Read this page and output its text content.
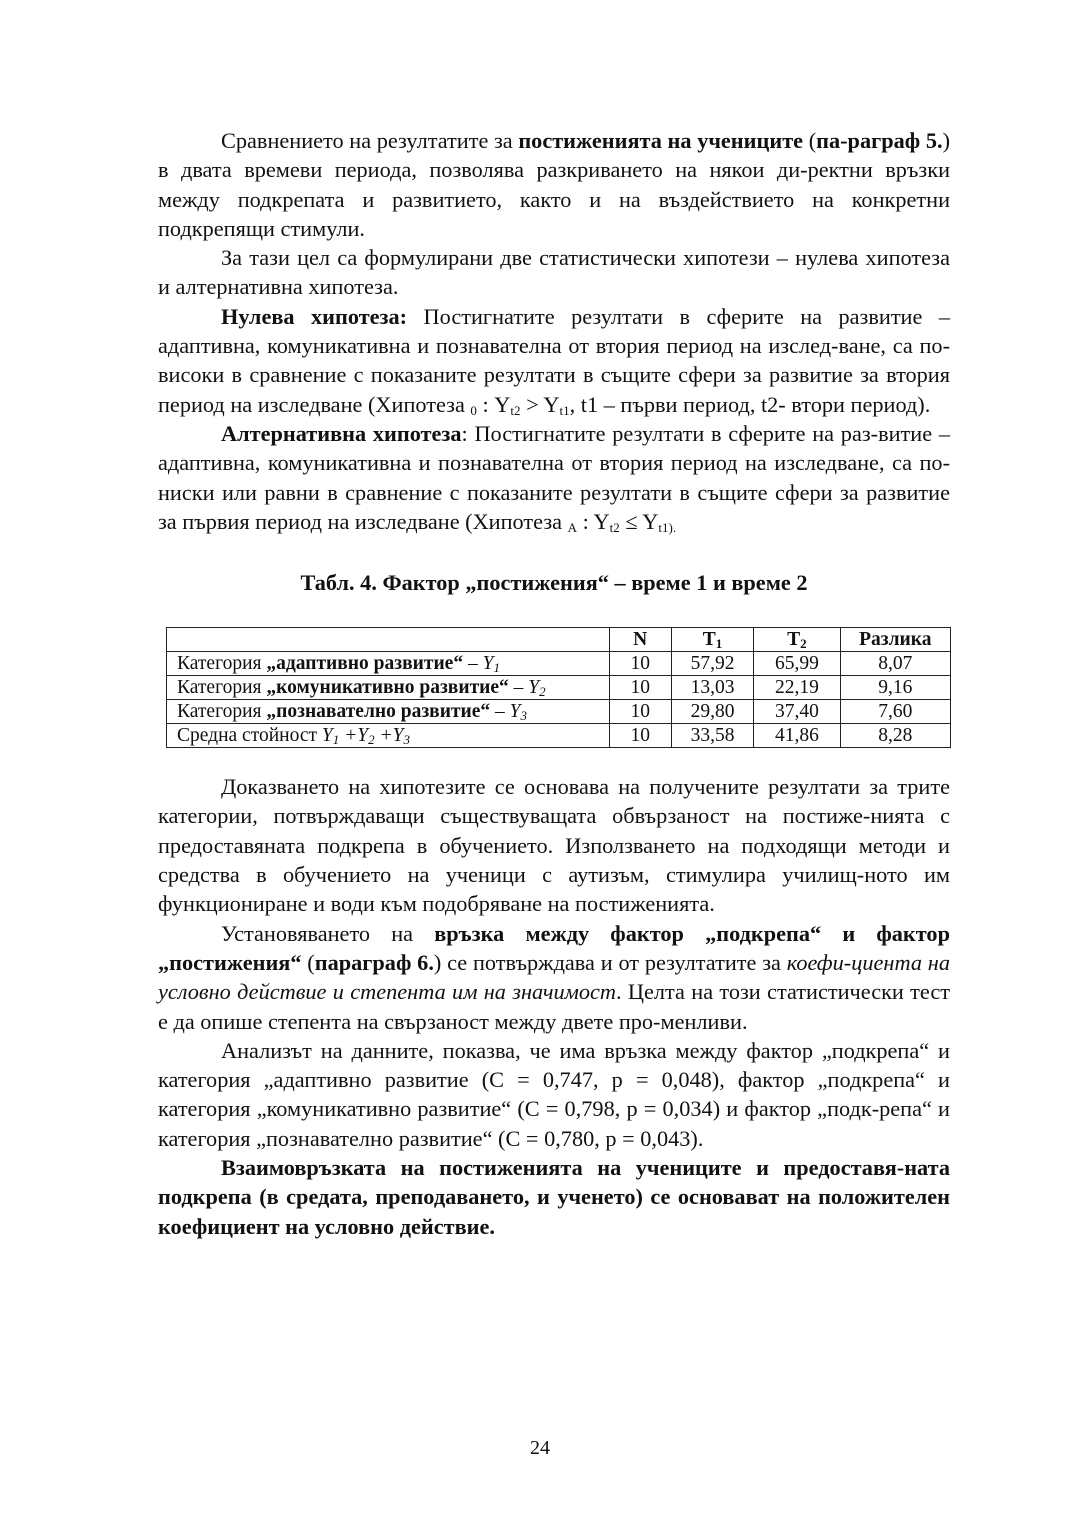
Сравнението на резултатите за постиженията на учениците (па-раграф 5.) в двата времеви периода, позволява разкриването на някои ди-ректни връзки между подкрепата и развитието, както и на въздействието на конкретни подкрепящи стимули.

За тази цел са формулирани две статистически хипотези – нулева хипотеза и алтернативна хипотеза.

Нулева хипотеза: Постигнатите резултати в сферите на развитие – адаптивна, комуникативна и познавателна от втория период на изслед-ване, са по-високи в сравнение с показаните резултати в същите сфери за развитие за втория период на изследване (Хипотеза $_0$ : $Y_{t2} > Y_{t1}$, t1 – първи период, t2- втори период).

Алтернативна хипотеза: Постигнатите резултати в сферите на раз-витие – адаптивна, комуникативна и познавателна от втория период на изследване, са по-ниски или равни в сравнение с показаните резултати в същите сфери за развитие за първия период на изследване (Хипотеза $_A$ : $Y_{t2} \le Y_{t1).}$

Табл. 4. Фактор „постижения“ – време 1 и време 2
	N	$T_1$	$T_2$	Разлика
Категория „адаптивно развитие“ – $Y_1$	10	57,92	65,99	8,07
Категория „комуникативно развитие“ – $Y_2$	10	13,03	22,19	9,16
Категория „познавателно развитие“ – $Y_3$	10	29,80	37,40	7,60
Средна стойност $Y_1 +Y_2 +Y_3$	10	33,58	41,86	8,28

Доказването на хипотезите се основава на получените резултати за трите категории, потвърждаващи съществуващата обвързаност на постиже-нията с предоставяната подкрепа в обучението. Използването на подходящи методи и средства в обучението на ученици с аутизъм, стимулира училищ-ното им функциониране и води към подобряване на постиженията.

Установяването на връзка между фактор „подкрепа“ и фактор „постижения“ (параграф 6.) се потвърждава и от резултатите за коефи-циента на условно действие и степента им на значимост. Целта на този статистически тест е да опише степента на свързаност между двете про-менливи.

Анализът на данните, показва, че има връзка между фактор „подкрепа“ и категория „адаптивно развитие (C = 0,747, p = 0,048), фактор „подкрепа“ и категория „комуникативно развитие“ (C = 0,798, p = 0,034) и фактор „подк-репа“ и категория „познавателно развитие“ (C = 0,780, p = 0,043).

Взаимовръзката на постиженията на учениците и предоставя-ната подкрепа (в средата, преподаването, и ученето) се основават на положителен коефициент на условно действие.

24
